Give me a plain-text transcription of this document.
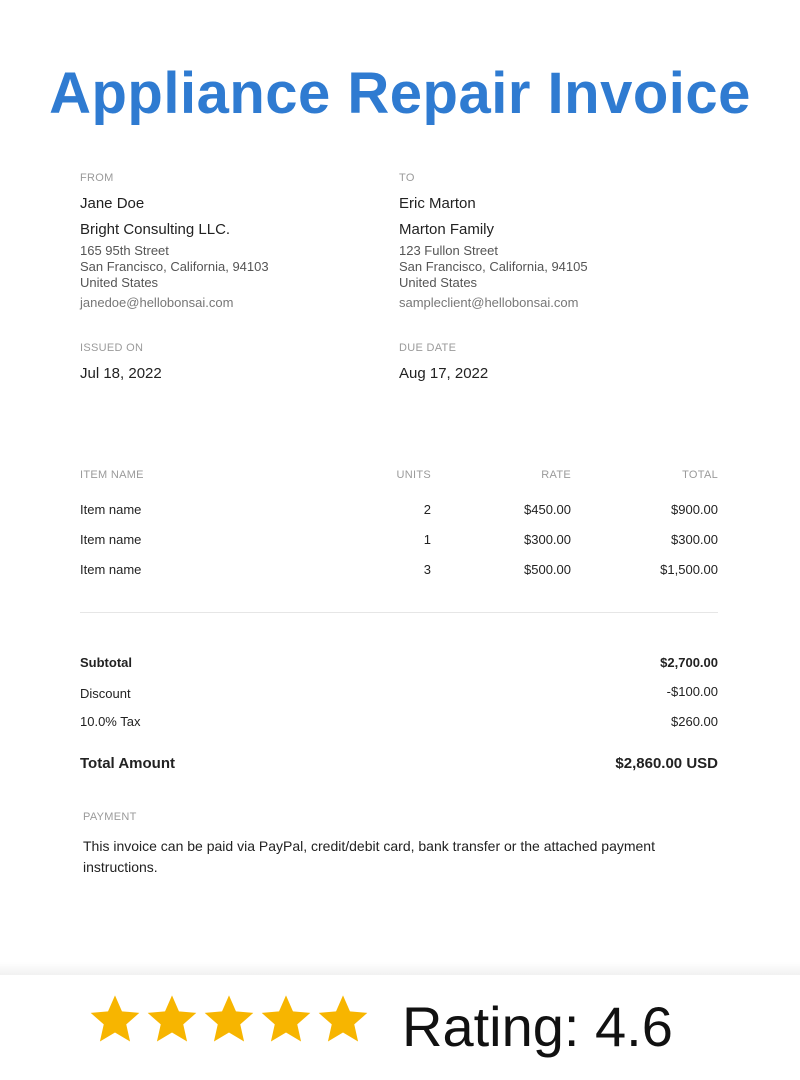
Appliance Repair Invoice
FROM
Jane Doe
Bright Consulting LLC.
165 95th Street
San Francisco, California, 94103
United States
janedoe@hellobonsai.com
TO
Eric Marton
Marton Family
123 Fullon Street
San Francisco, California, 94105
United States
sampleclient@hellobonsai.com
ISSUED ON
Jul 18, 2022
DUE DATE
Aug 17, 2022
ITEM NAME	UNITS	RATE	TOTAL
Item name	2	$450.00	$900.00
Item name	1	$300.00	$300.00
Item name	3	$500.00	$1,500.00
Subtotal	$2,700.00
Discount	-$100.00
10.0% Tax	$260.00
Total Amount	$2,860.00 USD
PAYMENT
This invoice can be paid via PayPal, credit/debit card, bank transfer or the attached payment instructions.
Rating: 4.6
